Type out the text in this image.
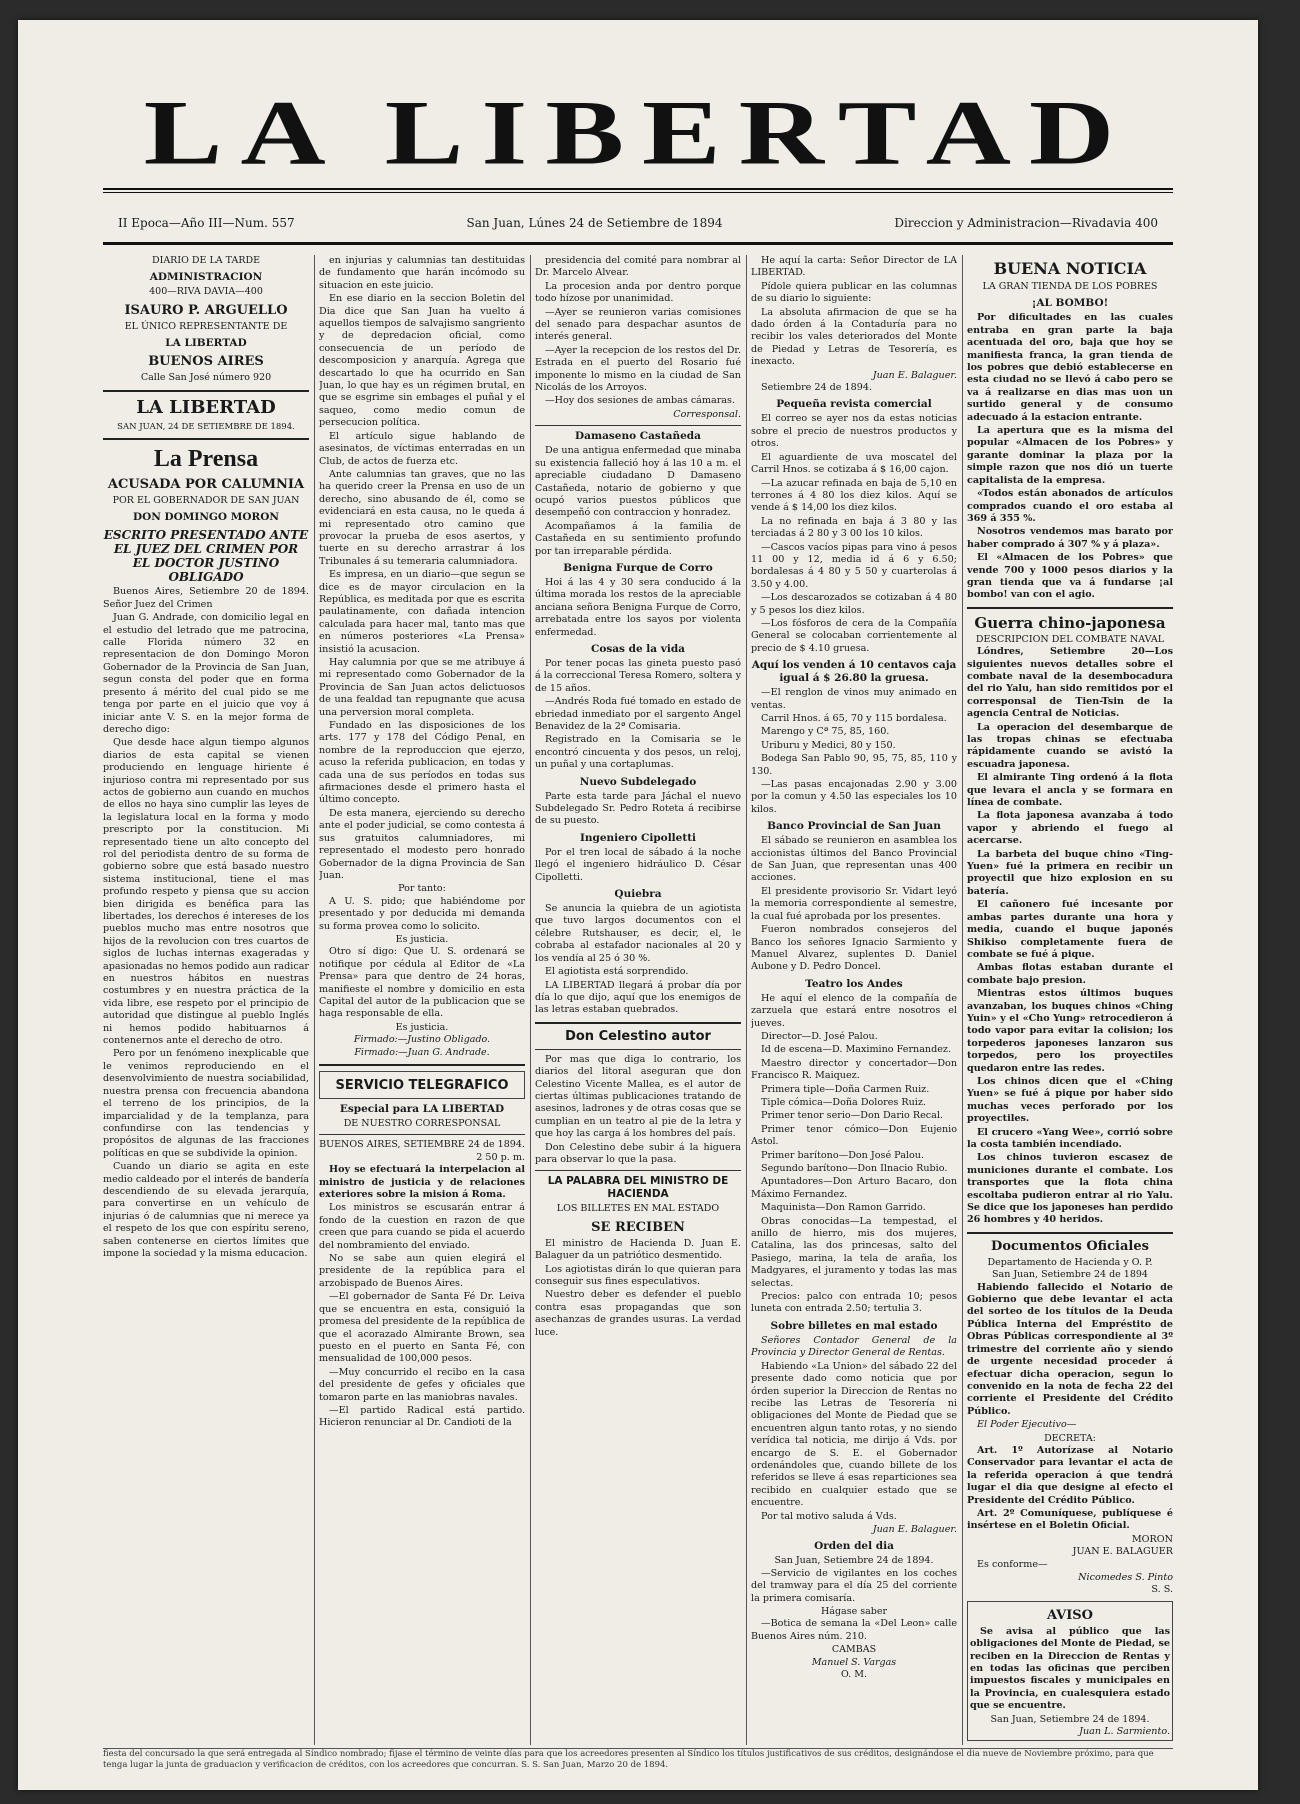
LA LIBERTAD
II Epoca—Año III—Num. 557	San Juan, Lúnes 24 de Setiembre de 1894	Direccion y Administracion—Rivadavia 400
DIARIO DE LA TARDE
ADMINISTRACION
400—RIVA DAVIA—400
ISAURO P. ARGUELLO
EL ÚNICO REPRESENTANTE DE
LA LIBERTAD
BUENOS AIRES
Calle San José número 920
LA LIBERTAD
SAN JUAN, 24 DE SETIEMBRE DE 1894.
La Prensa
ACUSADA POR CALUMNIA
POR EL GOBERNADOR DE SAN JUAN
DON DOMINGO MORON
ESCRITO PRESENTADO ANTE EL JUEZ DEL CRIMEN POR EL DOCTOR JUSTINO OBLIGADO

Buenos Aires, Setiembre 20 de 1894. Señor Juez del Crimen

Juan G. Andrade, con domicilio legal en el estudio del letrado que me patrocina, calle Florida número 32 en representacion de don Domingo Moron Gobernador de la Provincia de San Juan, segun consta del poder que en forma presento á mérito del cual pido se me tenga por parte en el juicio que voy á iniciar ante V. S. en la mejor forma de derecho digo:

Que desde hace algun tiempo algunos diarios de esta capital se vienen produciendo en lenguage hiriente é injurioso contra mi representado por sus actos de gobierno aun cuando en muchos de ellos no haya sino cumplir las leyes de la legislatura local en la forma y modo prescripto por la constitucion. Mi representado tiene un alto concepto del rol del periodista dentro de su forma de gobierno sobre que está basado nuestro sistema institucional, tiene el mas profundo respeto y piensa que su accion bien dirigida es benéfica para las libertades, los derechos é intereses de los pueblos mucho mas entre nosotros que hijos de la revolucion con tres cuartos de siglos de luchas internas exageradas y apasionadas no hemos podido aun radicar en nuestros hábitos en nuestras costumbres y en nuestra práctica de la vida libre, ese respeto por el principio de autoridad que distingue al pueblo Inglés ni hemos podido habituarnos á contenernos ante el derecho de otro.

Pero por un fenómeno inexplicable que le venimos reproduciendo en el desenvolvimiento de nuestra sociabilidad, nuestra prensa con frecuencia abandona el terreno de los principios, de la imparcialidad y de la templanza, para confundirse con las tendencias y propósitos de algunas de las fracciones políticas en que se subdivide la opinion.

Cuando un diario se agita en este medio caldeado por el interés de bandería descendiendo de su elevada jerarquía, para convertirse en un vehículo de injurias ó de calumnias que ni merece ya el respeto de los que con espíritu sereno, saben contenerse en ciertos límites que impone la sociedad y la misma educacion.

en injurias y calumnias tan destituidas de fundamento que harán incómodo su situacion en este juicio.

En ese diario en la seccion Boletin del Dia dice que San Juan ha vuelto á aquellos tiempos de salvajismo sangriento y de depredacion oficial, como consecuencia de un período de descomposicion y anarquía. Agrega que descartado lo que ha ocurrido en San Juan, lo que hay es un régimen brutal, en que se esgrime sin embages el puñal y el saqueo, como medio comun de persecucion política.

El artículo sigue hablando de asesinatos, de víctimas enterradas en un Club, de actos de fuerza etc.

Ante calumnias tan graves, que no las ha querido creer la Prensa en uso de un derecho, sino abusando de él, como se evidenciará en esta causa, no le queda á mi representado otro camino que provocar la prueba de esos asertos, y tuerte en su derecho arrastrar á los Tribunales á su temeraria calumniadora.

Es impresa, en un diario—que segun se dice es de mayor circulacion en la República, es meditada por que es escrita paulatinamente, con dañada intencion calculada para hacer mal, tanto mas que en números posteriores «La Prensa» insistió la acusacion.

Hay calumnia por que se me atribuye á mi representado como Gobernador de la Provincia de San Juan actos delictuosos de una fealdad tan repugnante que acusa una perversion moral completa.

Fundado en las disposiciones de los arts. 177 y 178 del Código Penal, en nombre de la reproduccion que ejerzo, acuso la referida publicacion, en todas y cada una de sus períodos en todas sus afirmaciones desde el primero hasta el último concepto.

De esta manera, ejerciendo su derecho ante el poder judicial, se como contesta á sus gratuitos calumniadores, mi representado el modesto pero honrado Gobernador de la digna Provincia de San Juan.

Por tanto:

A U. S. pido; que habiéndome por presentado y por deducida mi demanda su forma provea como lo solicito.

Es justicia.

Otro sí digo: Que U. S. ordenará se notifique por cédula al Editor de «La Prensa» para que dentro de 24 horas, manifieste el nombre y domicilio en esta Capital del autor de la publicacion que se haga responsable de ella.

Es justicia.
Firmado:—Justino Obligado.
Firmado:—Juan G. Andrade.
SERVICIO TELEGRAFICO
Especial para LA LIBERTAD
DE NUESTRO CORRESPONSAL
BUENOS AIRES, SETIEMBRE 24 de 1894.
2 50 p. m.

Hoy se efectuará la interpelacion al ministro de justicia y de relaciones exteriores sobre la mision á Roma.

Los ministros se escusarán entrar á fondo de la cuestion en razon de que creen que para cuando se pida el acuerdo del nombramiento del enviado.

No se sabe aun quien elegirá el presidente de la república para el arzobispado de Buenos Aires.

—El gobernador de Santa Fé Dr. Leiva que se encuentra en esta, consiguió la promesa del presidente de la república de que el acorazado Almirante Brown, sea puesto en el puerto en Santa Fé, con mensualidad de 100,000 pesos.

—Muy concurrido el recibo en la casa del presidente de gefes y oficiales que tomaron parte en las maniobras navales.

—El partido Radical está partido. Hicieron renunciar al Dr. Candioti de la

presidencia del comité para nombrar al Dr. Marcelo Alvear.

La procesion anda por dentro porque todo hízose por unanimidad.

—Ayer se reunieron varias comisiones del senado para despachar asuntos de interés general.

—Ayer la recepcion de los restos del Dr. Estrada en el puerto del Rosario fué imponente lo mismo en la ciudad de San Nicolás de los Arroyos.

—Hoy dos sesiones de ambas cámaras.

Corresponsal.
Damaseno Castañeda

De una antigua enfermedad que minaba su existencia falleció hoy á las 10 a m. el apreciable ciudadano D Damaseno Castañeda, notario de gobierno y que ocupó varios puestos públicos que desempeñó con contraccion y honradez.

Acompañamos á la familia de Castañeda en su sentimiento profundo por tan irreparable pérdida.

Benigna Furque de Corro

Hoi á las 4 y 30 sera conducido á la última morada los restos de la apreciable anciana señora Benigna Furque de Corro, arrebatada entre los sayos por violenta enfermedad.

Cosas de la vida

Por tener pocas las gineta puesto pasó á la correccional Teresa Romero, soltera y de 15 años.

—Andrés Roda fué tomado en estado de ebriedad inmediato por el sargento Angel Benavidez de la 2ª Comisaria.

Registrado en la Comisaria se le encontró cincuenta y dos pesos, un reloj, un puñal y una cortaplumas.

Nuevo Subdelegado

Parte esta tarde para Jáchal el nuevo Subdelegado Sr. Pedro Roteta á recibirse de su puesto.

Ingeniero Cipolletti

Por el tren local de sábado á la noche llegó el ingeniero hidráulico D. César Cipolletti.

Quiebra

Se anuncia la quiebra de un agiotista que tuvo largos documentos con el célebre Rutshauser, es decir, el, le cobraba al estafador nacionales al 20 y los vendía al 25 ó 30 %.

El agiotista está sorprendido.

LA LIBERTAD llegará á probar día por día lo que dijo, aquí que los enemigos de las letras estaban quebrados.

Don Celestino autor

Por mas que diga lo contrario, los diarios del litoral aseguran que don Celestino Vicente Mallea, es el autor de ciertas últimas publicaciones tratando de asesinos, ladrones y de otras cosas que se cumplian en un teatro al pie de la letra y que hoy las carga á los hombres del país.

Don Celestino debe subir á la higuera para observar lo que la pasa.

LA PALABRA DEL MINISTRO DE HACIENDA
LOS BILLETES EN MAL ESTADO
SE RECIBEN

El ministro de Hacienda D. Juan E. Balaguer da un patriótico desmentido.

Los agiotistas dirán lo que quieran para conseguir sus fines especulativos.

Nuestro deber es defender el pueblo contra esas propagandas que son asechanzas de grandes usuras. La verdad luce.

He aquí la carta: Señor Director de LA LIBERTAD.

Pídole quiera publicar en las columnas de su diario lo siguiente:

La absoluta afirmacion de que se ha dado órden á la Contaduría para no recibir los vales deteriorados del Monte de Piedad y Letras de Tesorería, es inexacto.

Juan E. Balaguer.

Setiembre 24 de 1894.

Pequeña revista comercial

El correo se ayer nos da estas noticias sobre el precio de nuestros productos y otros.

El aguardiente de uva moscatel del Carril Hnos. se cotizaba á $ 16,00 cajon.

—La azucar refinada en baja de 5,10 en terrones á 4 80 los diez kilos. Aquí se vende á $ 14,00 los diez kilos.

La no refinada en baja á 3 80 y las terciadas á 2 80 y 3 00 los 10 kilos.

—Cascos vacíos pipas para vino á pesos 11 00 y 12, media id á 6 y 6.50; bordalesas á 4 80 y 5 50 y cuarterolas á 3.50 y 4.00.

—Los descarozados se cotizaban á 4 80 y 5 pesos los diez kilos.

—Los fósforos de cera de la Compañía General se colocaban corrientemente al precio de $ 4.10 gruesa.

Aquí los venden á 10 centavos caja igual á $ 26.80 la gruesa.

—El renglon de vinos muy animado en ventas.

Carril Hnos. á 65, 70 y 115 bordalesa.

Marengo y Cª 75, 85, 160.

Uriburu y Medici, 80 y 150.

Bodega San Pablo 90, 95, 75, 85, 110 y 130.

—Las pasas encajonadas 2.90 y 3.00 por la comun y 4.50 las especiales los 10 kilos.

Banco Provincial de San Juan

El sábado se reunieron en asamblea los accionistas últimos del Banco Provincial de San Juan, que representan unas 400 acciones.

El presidente provisorio Sr. Vidart leyó la memoria correspondiente al semestre, la cual fué aprobada por los presentes.

Fueron nombrados consejeros del Banco los señores Ignacio Sarmiento y Manuel Alvarez, suplentes D. Daniel Aubone y D. Pedro Doncel.

Teatro los Andes

He aquí el elenco de la compañía de zarzuela que estará entre nosotros el jueves.

Director—D. José Palou.

Id de escena—D. Maximino Fernandez.

Maestro director y concertador—Don Francisco R. Maiquez.

Primera tiple—Doña Carmen Ruiz.

Tiple cómica—Doña Dolores Ruiz.

Primer tenor serio—Don Dario Recal.

Primer tenor cómico—Don Eujenio Astol.

Primer barítono—Don José Palou.

Segundo barítono—Don Ilnacio Rubio.

Apuntadores—Don Arturo Bacaro, don Máximo Fernandez.

Maquinista—Don Ramon Garrido.

Obras conocidas—La tempestad, el anillo de hierro, mis dos mujeres, Catalina, las dos princesas, salto del Pasiego, marina, la tela de araña, los Madgyares, el juramento y todas las mas selectas.

Precios: palco con entrada 10; pesos luneta con entrada 2.50; tertulia 3.

Sobre billetes en mal estado

Señores Contador General de la Provincia y Director General de Rentas.

Habiendo «La Union» del sábado 22 del presente dado como noticia que por órden superior la Direccion de Rentas no recibe las Letras de Tesorería ni obligaciones del Monte de Piedad que se encuentren algun tanto rotas, y no siendo verídica tal noticia, me dirijo á Vds. por encargo de S. E. el Gobernador ordenándoles que, cuando billete de los referidos se lleve á esas reparticiones sea recibido en cualquier estado que se encuentre.

Por tal motivo saluda á Vds.

Juan E. Balaguer.
Orden del dia
San Juan, Setiembre 24 de 1894.

—Servicio de vigilantes en los coches del tramway para el día 25 del corriente la primera comisaría.

Hágase saber

—Botica de semana la «Del Leon» calle Buenos Aires núm. 210.

CAMBAS
Manuel S. Vargas
O. M.
BUENA NOTICIA
LA GRAN TIENDA DE LOS POBRES
¡AL BOMBO!

Por dificultades en las cuales entraba en gran parte la baja acentuada del oro, baja que hoy se manifiesta franca, la gran tienda de los pobres que debió establecerse en esta ciudad no se llevó á cabo pero se va á realizarse en dias mas uon un surtido general y de consumo adecuado á la estacion entrante.

La apertura que es la misma del popular «Almacen de los Pobres» y garante dominar la plaza por la simple razon que nos dió un tuerte capitalista de la empresa.

«Todos están abonados de artículos comprados cuando el oro estaba al 369 á 355 %.

Nosotros vendemos mas barato por haber comprado á 307 % y á plaza».

El «Almacen de los Pobres» que vende 700 y 1000 pesos diarios y la gran tienda que va á fundarse ¡al bombo! van con el agio.

Guerra chino-japonesa
DESCRIPCION DEL COMBATE NAVAL

Lóndres, Setiembre 20—Los siguientes nuevos detalles sobre el combate naval de la desembocadura del rio Yalu, han sido remitidos por el corresponsal de Tien-Tsin de la agencia Central de Noticias.

La operacion del desembarque de las tropas chinas se efectuaba rápidamente cuando se avistó la escuadra japonesa.

El almirante Ting ordenó á la flota que levara el ancla y se formara en línea de combate.

La flota japonesa avanzaba á todo vapor y abriendo el fuego al acercarse.

La barbeta del buque chino «Ting-Yuen» fué la primera en recibir un proyectil que hizo explosion en su batería.

El cañonero fué incesante por ambas partes durante una hora y media, cuando el buque japonés Shikiso completamente fuera de combate se fué á pique.

Ambas flotas estaban durante el combate bajo presion.

Mientras estos últimos buques avanzaban, los buques chinos «Ching Yuin» y el «Cho Yung» retrocedieron á todo vapor para evitar la colision; los torpederos japoneses lanzaron sus torpedos, pero los proyectiles quedaron entre las redes.

Los chinos dicen que el «Ching Yuen» se fué á pique por haber sido muchas veces perforado por los proyectiles.

El crucero «Yang Wee», corrió sobre la costa también incendiado.

Los chinos tuvieron escasez de municiones durante el combate. Los transportes que la flota china escoltaba pudieron entrar al rio Yalu. Se dice que los japoneses han perdido 26 hombres y 40 heridos.

Documentos Oficiales
Departamento de Hacienda y O. P.
San Juan, Setiembre 24 de 1894

Habiendo fallecido el Notario de Gobierno que debe levantar el acta del sorteo de los títulos de la Deuda Pública Interna del Empréstito de Obras Públicas correspondiente al 3º trimestre del corriente año y siendo de urgente necesidad proceder á efectuar dicha operacion, segun lo convenido en la nota de fecha 22 del corriente el Presidente del Crédito Público.

El Poder Ejecutivo—

DECRETA:

Art. 1º Autorízase al Notario Conservador para levantar el acta de la referida operacion á que tendrá lugar el dia que designe al efecto el Presidente del Crédito Público.

Art. 2º Comuníquese, publíquese é insértese en el Boletin Oficial.

MORON
JUAN E. BALAGUER

Es conforme—

Nicomedes S. Pinto
S. S.
AVISO

Se avisa al público que las obligaciones del Monte de Piedad, se reciben en la Direccion de Rentas y en todas las oficinas que perciben impuestos fiscales y municipales en la Provincia, en cualesquiera estado que se encuentre.

San Juan, Setiembre 24 de 1894.
Juan L. Sarmiento.
fiesta del concursado la que será entregada al Síndico nombrado; fijase el término de veinte días para que los acreedores presenten al Síndico los títulos justificativos de sus créditos, designándose el dia nueve de Noviembre próximo, para que tenga lugar la junta de graduacion y verificacion de créditos, con los acreedores que concurran. S. S. San Juan, Marzo 20 de 1894.
